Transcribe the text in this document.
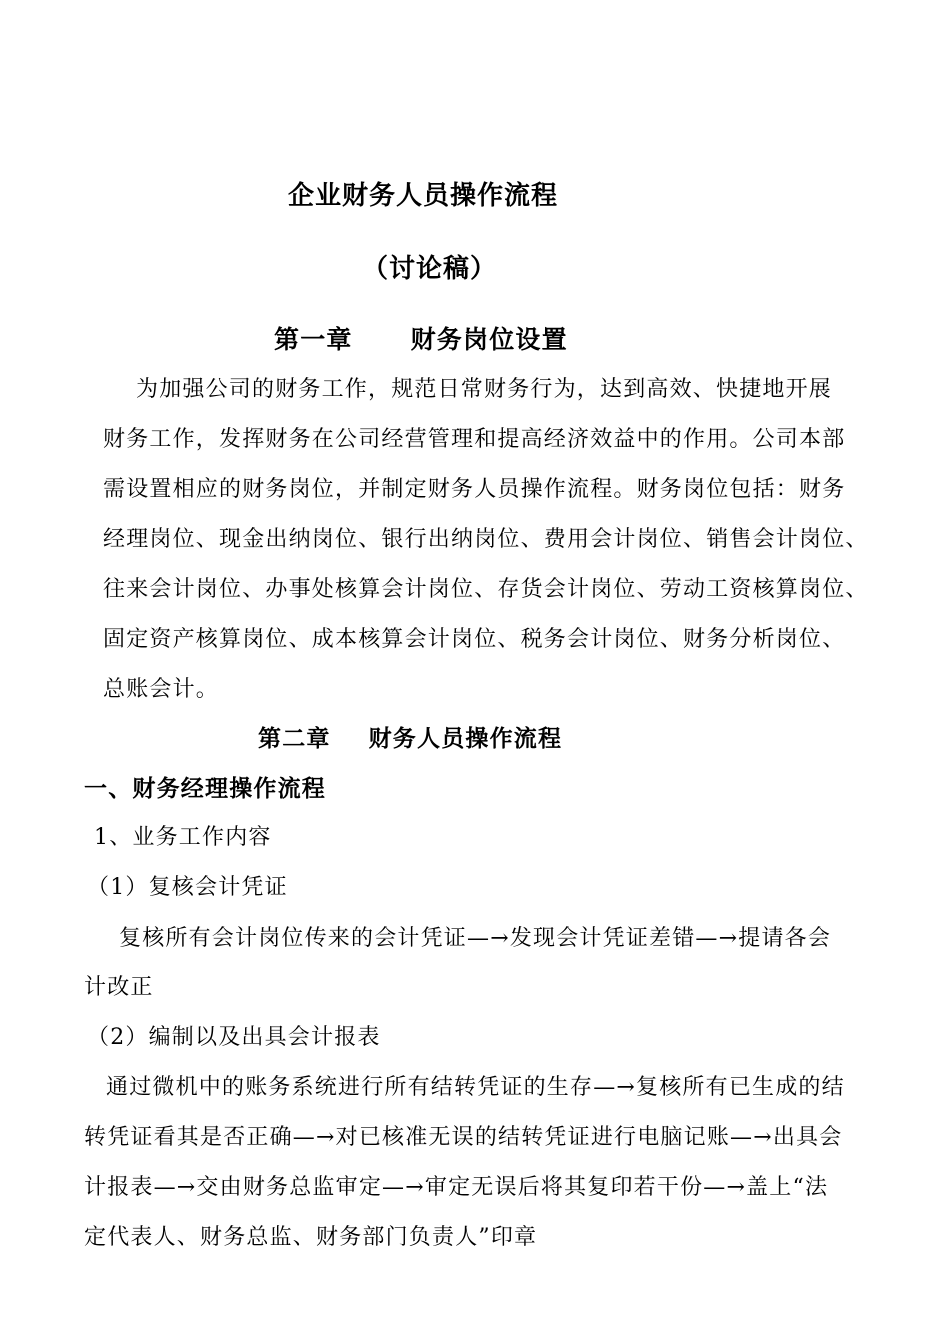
企业财务人员操作流程
（讨论稿）
第一章 财务岗位设置
为加强公司的财务工作，规范日常财务行为，达到高效、快捷地开展
财务工作，发挥财务在公司经营管理和提高经济效益中的作用。公司本部
需设置相应的财务岗位，并制定财务人员操作流程。财务岗位包括：财务
经理岗位、现金出纳岗位、银行出纳岗位、费用会计岗位、销售会计岗位、
往来会计岗位、办事处核算会计岗位、存货会计岗位、劳动工资核算岗位、
固定资产核算岗位、成本核算会计岗位、税务会计岗位、财务分析岗位、
总账会计。
第二章 财务人员操作流程
一、财务经理操作流程
1、业务工作内容
（1）复核会计凭证
复核所有会计岗位传来的会计凭证—→发现会计凭证差错—→提请各会
计改正
（2）编制以及出具会计报表
通过微机中的账务系统进行所有结转凭证的生存—→复核所有已生成的结
转凭证看其是否正确—→对已核准无误的结转凭证进行电脑记账—→出具会
计报表—→交由财务总监审定—→审定无误后将其复印若干份—→盖上“法
定代表人、财务总监、财务部门负责人”印章
